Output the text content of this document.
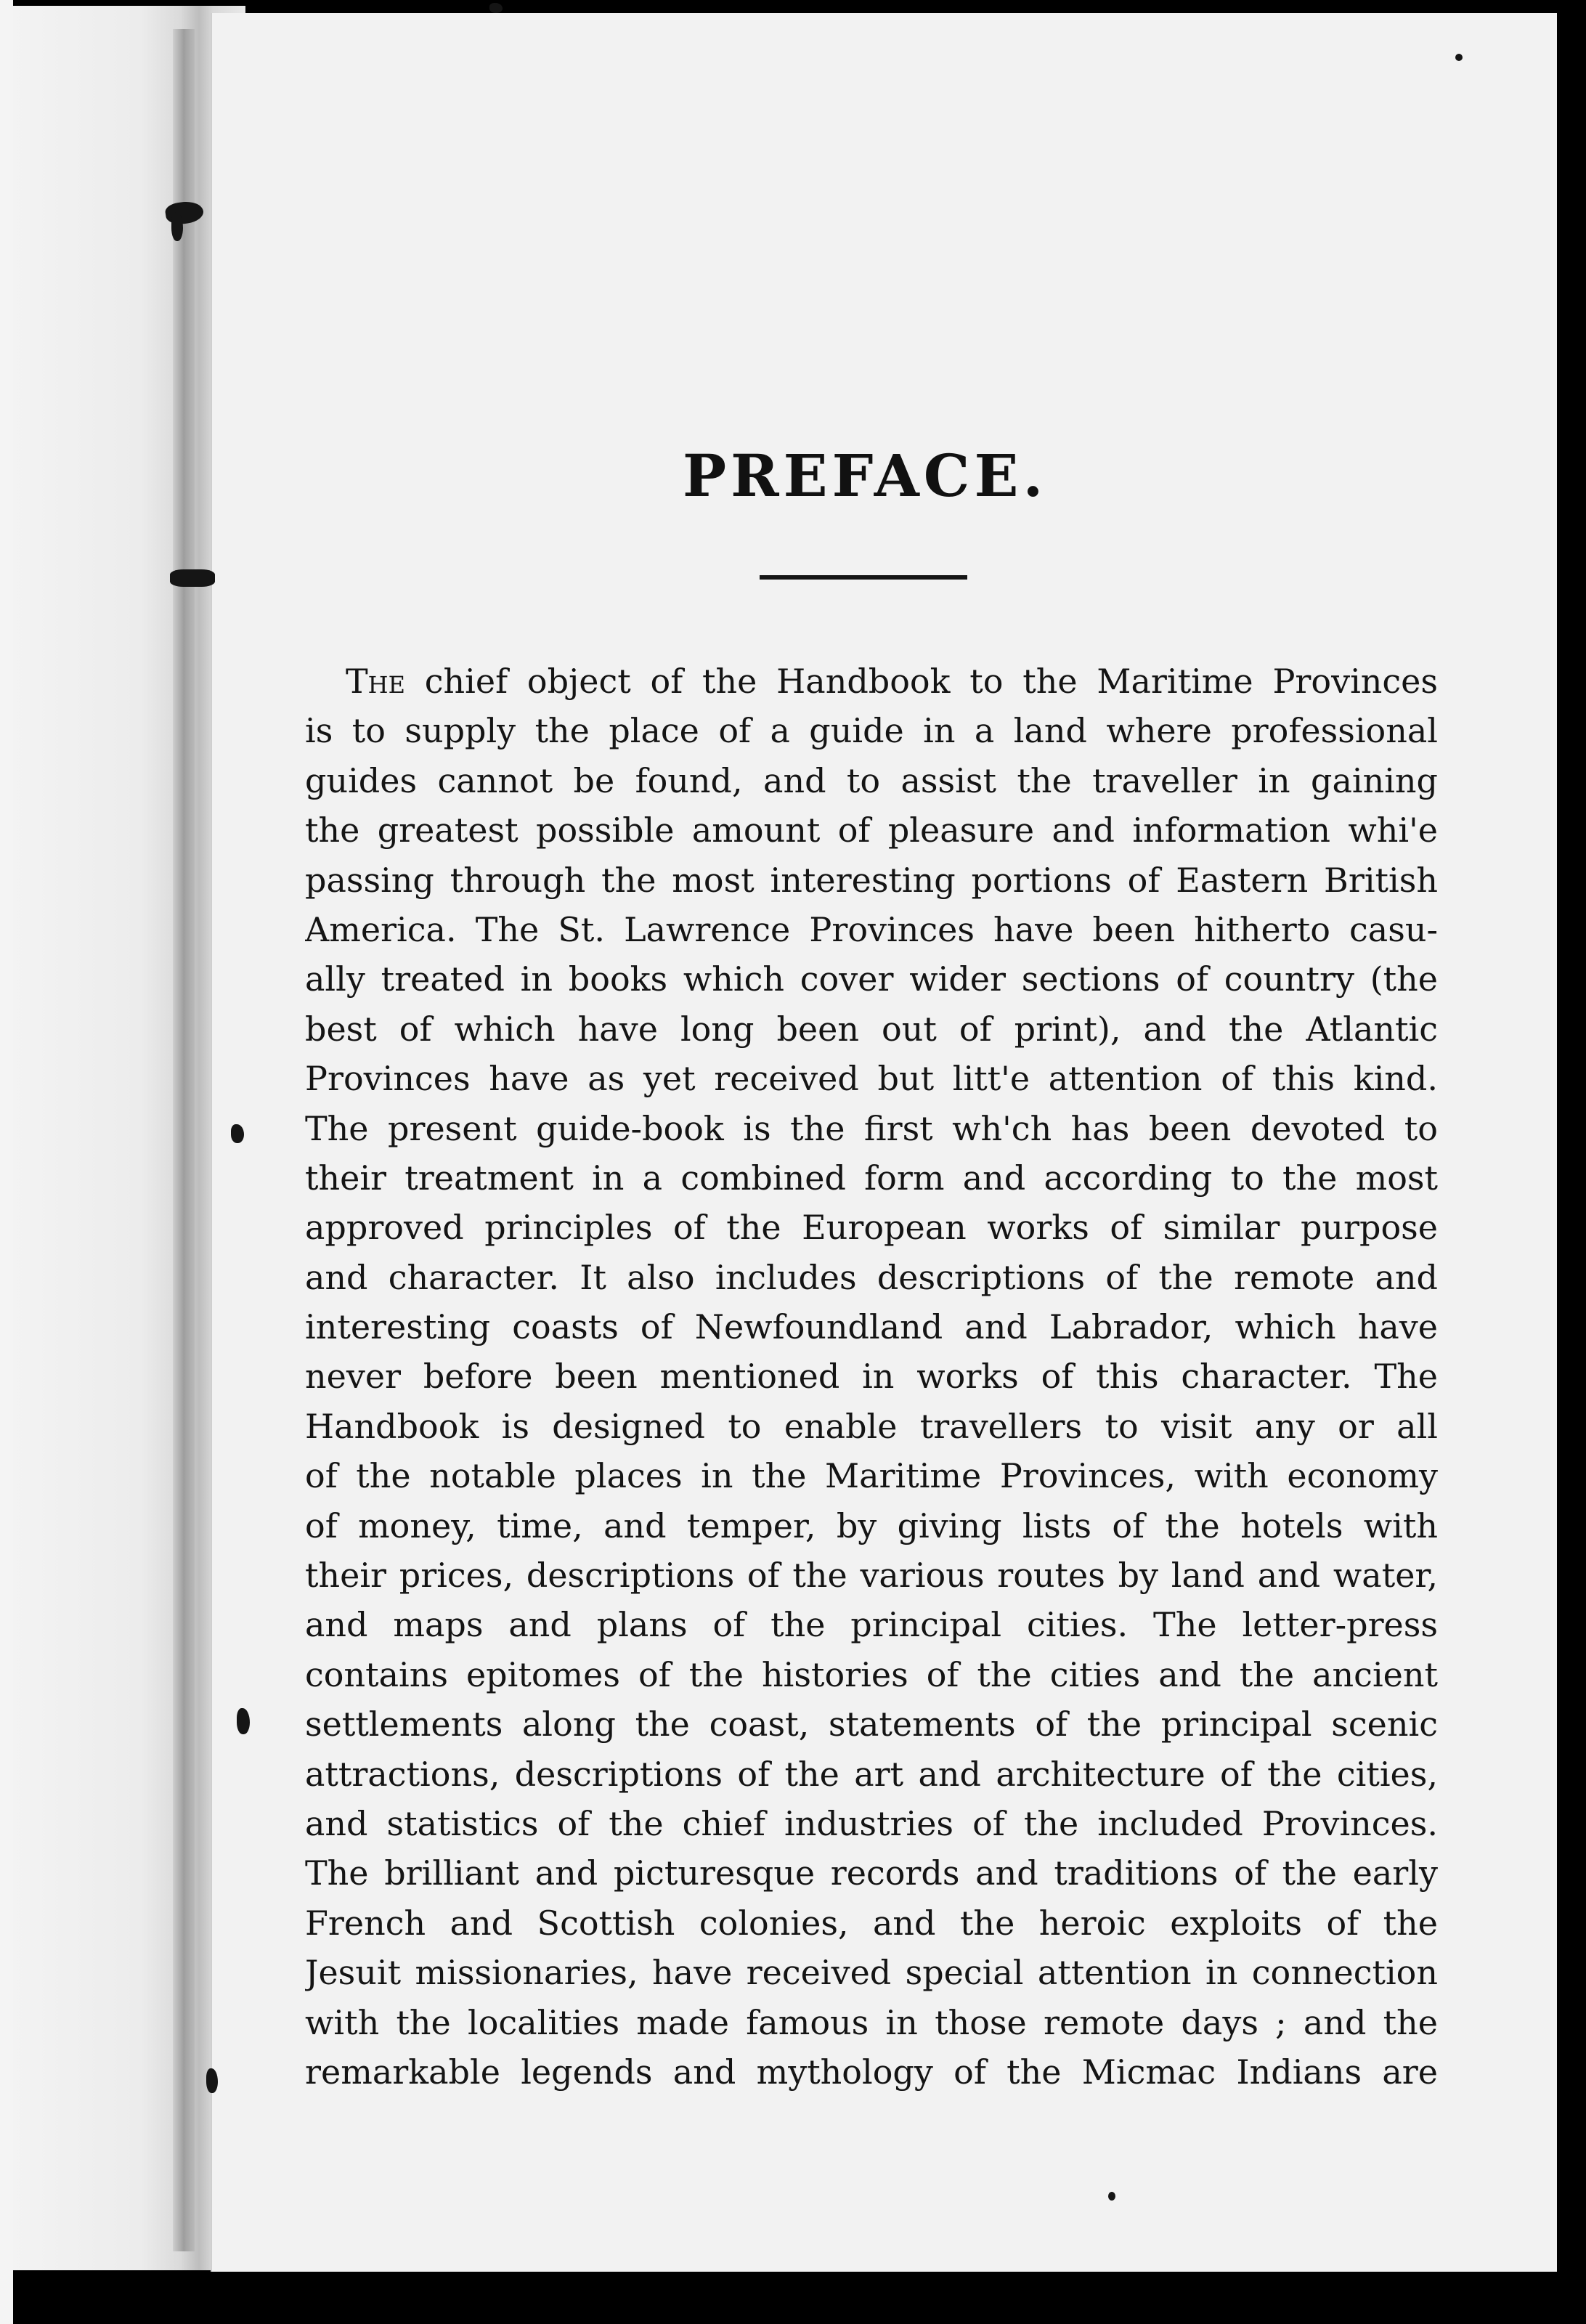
PREFACE.
The chief object of the Handbook to the Maritime Provinces
is to supply the place of a guide in a land where professional
guides cannot be found, and to assist the traveller in gaining
the greatest possible amount of pleasure and information whi'e
passing through the most interesting portions of Eastern British
America. The St. Lawrence Provinces have been hitherto casu-
ally treated in books which cover wider sections of country (the
best of which have long been out of print), and the Atlantic
Provinces have as yet received but litt'e attention of this kind.
The present guide-book is the first wh'ch has been devoted to
their treatment in a combined form and according to the most
approved principles of the European works of similar purpose
and character. It also includes descriptions of the remote and
interesting coasts of Newfoundland and Labrador, which have
never before been mentioned in works of this character. The
Handbook is designed to enable travellers to visit any or all
of the notable places in the Maritime Provinces, with economy
of money, time, and temper, by giving lists of the hotels with
their prices, descriptions of the various routes by land and water,
and maps and plans of the principal cities. The letter-press
contains epitomes of the histories of the cities and the ancient
settlements along the coast, statements of the principal scenic
attractions, descriptions of the art and architecture of the cities,
and statistics of the chief industries of the included Provinces.
The brilliant and picturesque records and traditions of the early
French and Scottish colonies, and the heroic exploits of the
Jesuit missionaries, have received special attention in connection
with the localities made famous in those remote days ; and the
remarkable legends and mythology of the Micmac Indians are
